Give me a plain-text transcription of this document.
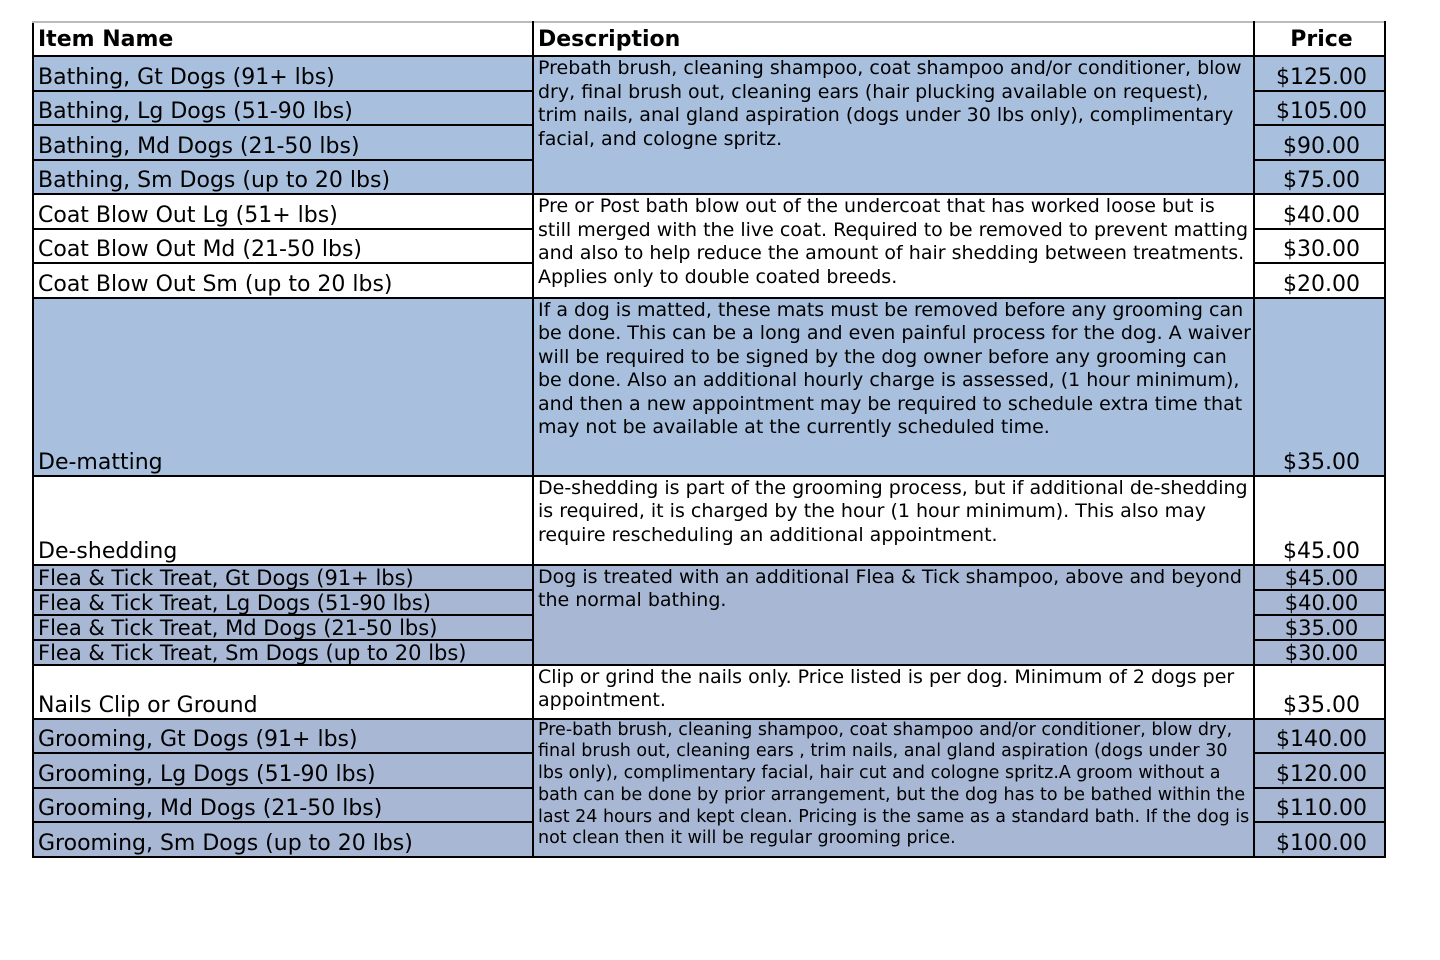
Item Name	Description	Price
Bathing, Gt Dogs (91+ lbs)	Prebath brush, cleaning shampoo, coat shampoo and/or conditioner, blow dry, final brush out, cleaning ears (hair plucking available on request), trim nails, anal gland aspiration (dogs under 30 lbs only), complimentary facial, and cologne spritz.	$125.00
Bathing, Lg Dogs (51-90 lbs)		$105.00
Bathing, Md Dogs (21-50 lbs)		$90.00
Bathing, Sm Dogs (up to 20 lbs)		$75.00
Coat Blow Out Lg (51+ lbs)	Pre or Post bath blow out of the undercoat that has worked loose but is still merged with the live coat. Required to be removed to prevent matting and also to help reduce the amount of hair shedding between treatments. Applies only to double coated breeds.	$40.00
Coat Blow Out Md (21-50 lbs)		$30.00
Coat Blow Out Sm (up to 20 lbs)		$20.00
De-matting	If a dog is matted, these mats must be removed before any grooming can be done. This can be a long and even painful process for the dog. A waiver will be required to be signed by the dog owner before any grooming can be done. Also an additional hourly charge is assessed, (1 hour minimum), and then a new appointment may be required to schedule extra time that may not be available at the currently scheduled time.	$35.00
De-shedding	De-shedding is part of the grooming process, but if additional de-shedding is required, it is charged by the hour (1 hour minimum). This also may require rescheduling an additional appointment.	$45.00
Flea & Tick Treat, Gt Dogs (91+ lbs)	Dog is treated with an additional Flea & Tick shampoo, above and beyond the normal bathing.	$45.00
Flea & Tick Treat, Lg Dogs (51-90 lbs)		$40.00
Flea & Tick Treat, Md Dogs (21-50 lbs)		$35.00
Flea & Tick Treat, Sm Dogs (up to 20 lbs)		$30.00
Nails Clip or Ground	Clip or grind the nails only. Price listed is per dog. Minimum of 2 dogs per appointment.	$35.00
Grooming, Gt Dogs (91+ lbs)	Pre-bath brush, cleaning shampoo, coat shampoo and/or conditioner, blow dry, final brush out, cleaning ears , trim nails, anal gland aspiration (dogs under 30 lbs only), complimentary facial, hair cut and cologne spritz.A groom without a bath can be done by prior arrangement, but the dog has to be bathed within the last 24 hours and kept clean. Pricing is the same as a standard bath. If the dog is not clean then it will be regular grooming price.	$140.00
Grooming, Lg Dogs (51-90 lbs)		$120.00
Grooming, Md Dogs (21-50 lbs)		$110.00
Grooming, Sm Dogs (up to 20 lbs)		$100.00
